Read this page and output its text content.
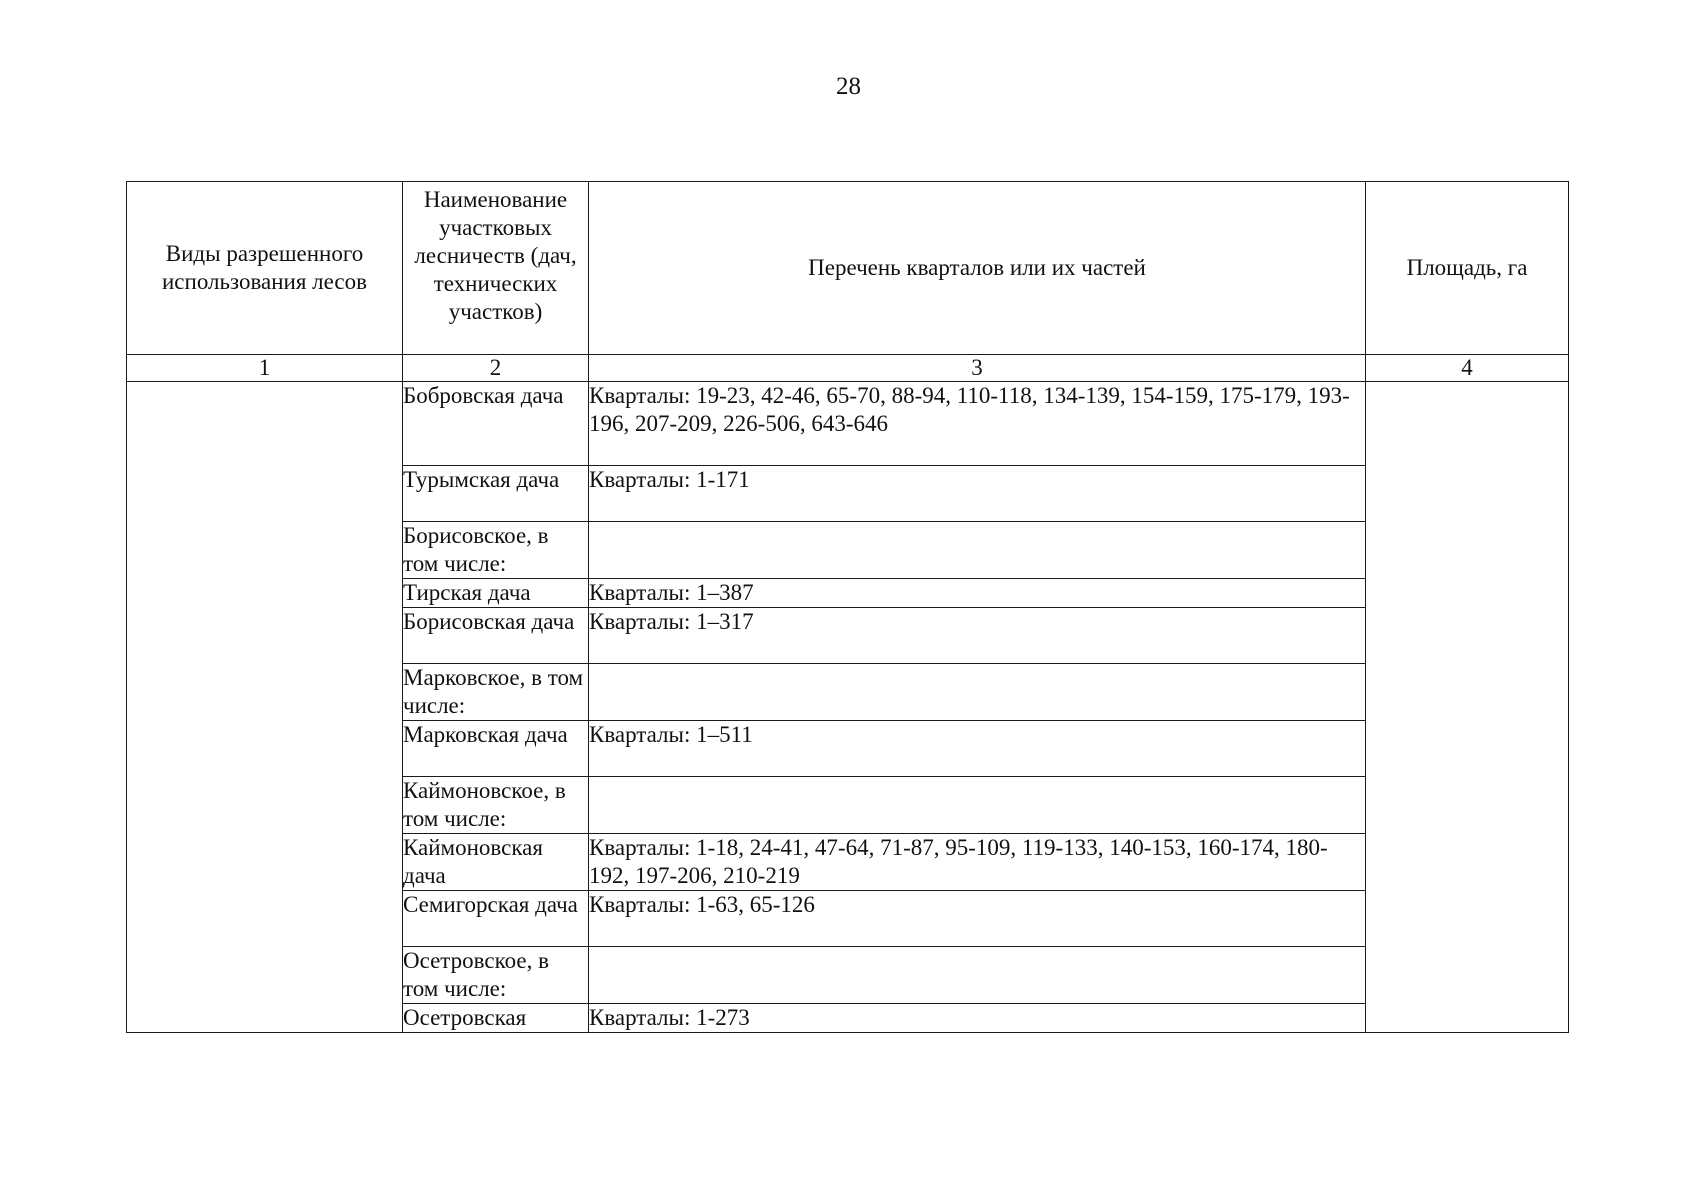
28
Виды разрешенного использования лесов	Наименование участковых лесничеств (дач, технических участков)	Перечень кварталов или их частей	Площадь, га
1	2	3	4
	Бобровская дача	Кварталы: 19-23, 42-46, 65-70, 88-94, 110-118, 134-139, 154-159, 175-179, 193-196, 207-209, 226-506, 643-646	
	Турымская дача	Кварталы: 1-171	
	Борисовское, в том числе:		
	Тирская дача	Кварталы: 1–387	
	Борисовская дача	Кварталы: 1–317	
	Марковское, в том числе:		
	Марковская дача	Кварталы: 1–511	
	Каймоновское, в том числе:		
	Каймоновская дача	Кварталы: 1-18, 24-41, 47-64, 71-87, 95-109, 119-133, 140-153, 160-174, 180-192, 197-206, 210-219	
	Семигорская дача	Кварталы: 1-63, 65-126	
	Осетровское, в том числе:		
	Осетровская	Кварталы: 1-273	
